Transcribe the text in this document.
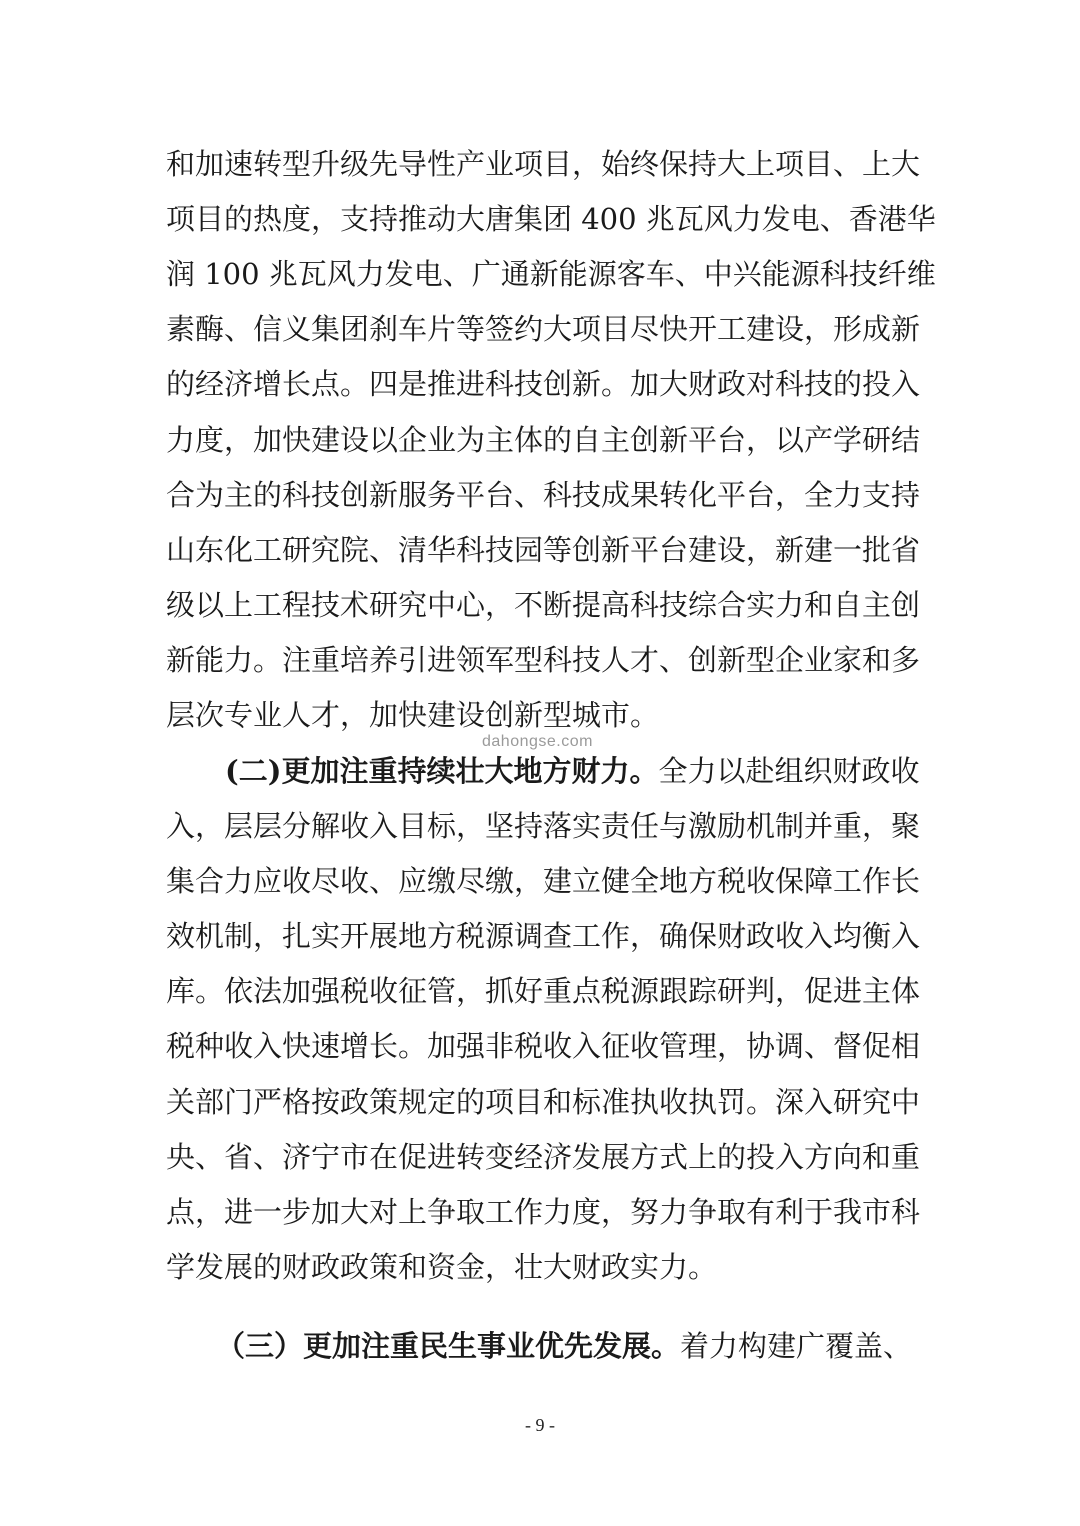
和加速转型升级先导性产业项目，始终保持大上项目、上大
项目的热度，支持推动大唐集团 400 兆瓦风力发电、香港华
润 100 兆瓦风力发电、广通新能源客车、中兴能源科技纤维
素酶、信义集团刹车片等签约大项目尽快开工建设，形成新
的经济增长点。四是推进科技创新。加大财政对科技的投入
力度，加快建设以企业为主体的自主创新平台，以产学研结
合为主的科技创新服务平台、科技成果转化平台，全力支持
山东化工研究院、清华科技园等创新平台建设，新建一批省
级以上工程技术研究中心，不断提高科技综合实力和自主创
新能力。注重培养引进领军型科技人才、创新型企业家和多
层次专业人才，加快建设创新型城市。
dahongse.com
(二)更加注重持续壮大地方财力。全力以赴组织财政收
入，层层分解收入目标，坚持落实责任与激励机制并重，聚
集合力应收尽收、应缴尽缴，建立健全地方税收保障工作长
效机制，扎实开展地方税源调查工作，确保财政收入均衡入
库。依法加强税收征管，抓好重点税源跟踪研判，促进主体
税种收入快速增长。加强非税收入征收管理，协调、督促相
关部门严格按政策规定的项目和标准执收执罚。深入研究中
央、省、济宁市在促进转变经济发展方式上的投入方向和重
点，进一步加大对上争取工作力度，努力争取有利于我市科
学发展的财政政策和资金，壮大财政实力。
（三）更加注重民生事业优先发展。着力构建广覆盖、
- 9 -
